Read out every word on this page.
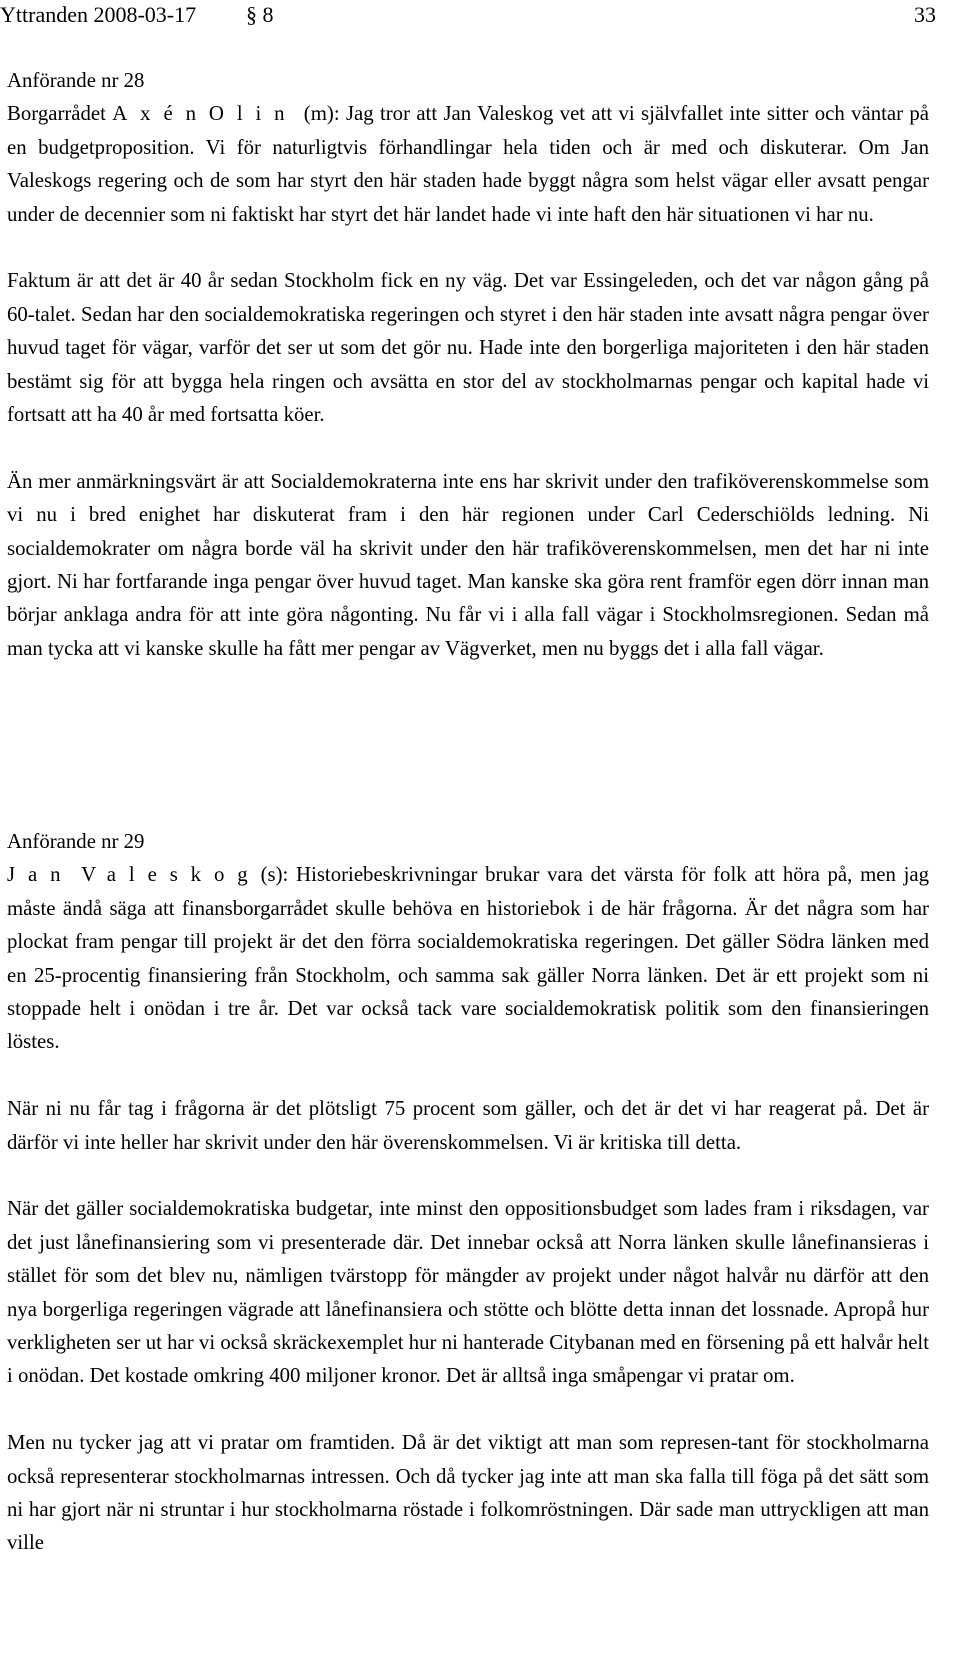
Yttranden 2008-03-17 § 8	33
Anförande nr 28

Borgarrådet AxénOlin (m): Jag tror att Jan Valeskog vet att vi självfallet inte sitter och väntar på en budgetproposition. Vi för naturligtvis förhandlingar hela tiden och är med och diskuterar. Om Jan Valeskogs regering och de som har styrt den här staden hade byggt några som helst vägar eller avsatt pengar under de decennier som ni faktiskt har styrt det här landet hade vi inte haft den här situationen vi har nu.

Faktum är att det är 40 år sedan Stockholm fick en ny väg. Det var Essingeleden, och det var någon gång på 60-talet. Sedan har den socialdemokratiska regeringen och styret i den här staden inte avsatt några pengar över huvud taget för vägar, varför det ser ut som det gör nu. Hade inte den borgerliga majoriteten i den här staden bestämt sig för att bygga hela ringen och avsätta en stor del av stockholmarnas pengar och kapital hade vi fortsatt att ha 40 år med fortsatta köer.

Än mer anmärkningsvärt är att Socialdemokraterna inte ens har skrivit under den trafiköverenskommelse som vi nu i bred enighet har diskuterat fram i den här regionen under Carl Cederschiölds ledning. Ni socialdemokrater om några borde väl ha skrivit under den här trafiköverenskommelsen, men det har ni inte gjort. Ni har fortfarande inga pengar över huvud taget. Man kanske ska göra rent framför egen dörr innan man börjar anklaga andra för att inte göra någonting. Nu får vi i alla fall vägar i Stockholmsregionen. Sedan må man tycka att vi kanske skulle ha fått mer pengar av Vägverket, men nu byggs det i alla fall vägar.

Anförande nr 29

Jan Valeskog(s): Historiebeskrivningar brukar vara det värsta för folk att höra på, men jag måste ändå säga att finansborgarrådet skulle behöva en historiebok i de här frågorna. Är det några som har plockat fram pengar till projekt är det den förra socialdemokratiska regeringen. Det gäller Södra länken med en 25-procentig finansiering från Stockholm, och samma sak gäller Norra länken. Det är ett projekt som ni stoppade helt i onödan i tre år. Det var också tack vare socialdemokratisk politik som den finansieringen löstes.

När ni nu får tag i frågorna är det plötsligt 75 procent som gäller, och det är det vi har reagerat på. Det är därför vi inte heller har skrivit under den här överenskommelsen. Vi är kritiska till detta.

När det gäller socialdemokratiska budgetar, inte minst den oppositionsbudget som lades fram i riksdagen, var det just lånefinansiering som vi presenterade där. Det innebar också att Norra länken skulle lånefinansieras i stället för som det blev nu, nämligen tvärstopp för mängder av projekt under något halvår nu därför att den nya borgerliga regeringen vägrade att lånefinansiera och stötte och blötte detta innan det lossnade. Apropå hur verkligheten ser ut har vi också skräckexemplet hur ni hanterade Citybanan med en försening på ett halvår helt i onödan. Det kostade omkring 400 miljoner kronor. Det är alltså inga småpengar vi pratar om.

Men nu tycker jag att vi pratar om framtiden. Då är det viktigt att man som represen-tant för stockholmarna också representerar stockholmarnas intressen. Och då tycker jag inte att man ska falla till föga på det sätt som ni har gjort när ni struntar i hur stockholmarna röstade i folkomröstningen. Där sade man uttryckligen att man ville
